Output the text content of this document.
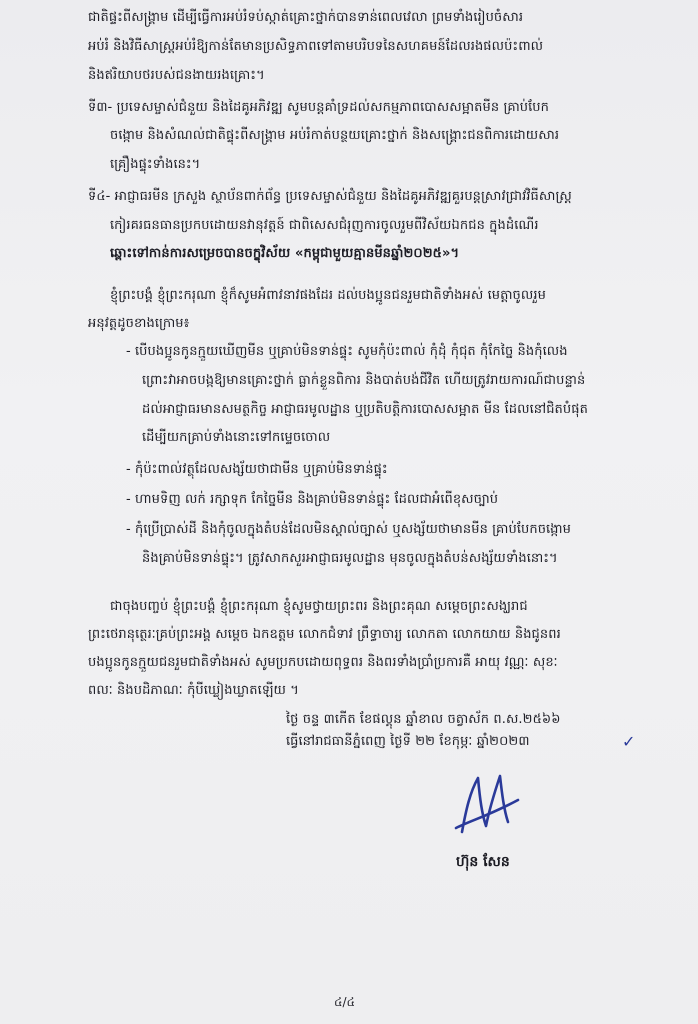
ជាតិផ្ទះពីសង្គ្រាម ដើម្បីធ្វើការអប់រំទប់ស្កាត់គ្រោះថ្នាក់បានទាន់ពេលវេលា ព្រមទាំងរៀបចំសារ
អប់រំ និងវិធីសាស្ត្រអប់រំឱ្យកាន់តែមានប្រសិទ្ធភាពទៅតាមបរិបទនៃសហគមន៍ដែលរងផលប៉ះពាល់
និងឥរិយាបថរបស់ជនងាយរងគ្រោះ។
ទី៣- ប្រទេសម្ចាស់ជំនួយ និងដៃគូអភិវឌ្ឍ សូមបន្តគាំទ្រដល់សកម្មភាពបោសសម្អាតមីន គ្រាប់បែក
ចង្កោម និងសំណល់ជាតិផ្ទុះពីសង្គ្រាម អប់រំកាត់បន្ថយគ្រោះថ្នាក់ និងសង្គ្រោះជនពិការដោយសារ
គ្រឿងផ្ទុះទាំងនេះ។
ទី៤- អាជ្ញាធរមីន ក្រសួង ស្ថាប័នពាក់ព័ន្ធ ប្រទេសម្ចាស់ជំនួយ និងដៃគូអភិវឌ្ឍគួរបន្តស្រាវជ្រាវវិធីសាស្ត្រ
កៀរគរធនធានប្រកបដោយនវានុវត្តន៍ ជាពិសេសជំរុញការចូលរួមពីវិស័យឯកជន ក្នុងដំណើរ
ឆ្ពោះទៅកាន់ការសម្រេចបានចក្ខុវិស័យ «កម្ពុជាមួយគ្មានមីនឆ្នាំ២០២៥»។
ខ្ញុំព្រះបង្គំ ខ្ញុំព្រះករុណា ខ្ញុំក៏សូមអំពាវនាវផងដែរ ដល់បងប្អូនជនរួមជាតិទាំងអស់ មេត្តាចូលរួម
អនុវត្តដូចខាងក្រោម៖
- បើបងប្អូនកូនក្មួយឃើញមីន ឬគ្រាប់មិនទាន់ផ្ទុះ សូមកុំប៉ះពាល់ កុំដុំ កុំជុត កុំកែច្នៃ និងកុំលេង
ព្រោះវាអាចបង្កឱ្យមានគ្រោះថ្នាក់ ធ្លាក់ខ្លួនពិការ និងបាត់បង់ជីវិត ហើយត្រូវរាយការណ៍ជាបន្ទាន់
ដល់អាជ្ញាធរមានសមត្ថកិច្ច អាជ្ញាធរមូលដ្ឋាន ឬប្រតិបត្តិការបោសសម្អាត មីន ដែលនៅជិតបំផុត
ដើម្បីយកគ្រាប់ទាំងនោះទៅកម្ទេចចោល
- កុំប៉ះពាល់វត្ថុដែលសង្ស័យថាជាមីន ឬគ្រាប់មិនទាន់ផ្ទុះ
- ហាមទិញ លក់ រក្សាទុក កែច្នៃមីន និងគ្រាប់មិនទាន់ផ្ទុះ ដែលជាអំពើខុសច្បាប់
- កុំប្រើប្រាស់ដី និងកុំចូលក្នុងតំបន់ដែលមិនស្គាល់ច្បាស់ ឬសង្ស័យថាមានមីន គ្រាប់បែកចង្កោម
និងគ្រាប់មិនទាន់ផ្ទុះ។ ត្រូវសាកសួរអាជ្ញាធរមូលដ្ឋាន មុនចូលក្នុងតំបន់សង្ស័យទាំងនោះ។
ជាចុងបញ្ចប់ ខ្ញុំព្រះបង្គំ ខ្ញុំព្រះករុណា ខ្ញុំសូមថ្វាយព្រះពរ និងព្រះគុណ សម្តេចព្រះសង្ឃរាជ
ព្រះថេរានុត្ថេរៈគ្រប់ព្រះអង្គ សម្តេច ឯកឧត្តម លោកជំទាវ ព្រឹទ្ធាចារ្យ លោកតា លោកយាយ និងជូនពរ
បងប្អូនកូនក្មួយជនរួមជាតិទាំងអស់ សូមប្រកបដោយពុទ្ធពរ និងពរទាំងប្រាំប្រការគឺ អាយុ វណ្ណៈ សុខៈ
ពលៈ និងបដិភាណៈ កុំបីឃ្លៀងឃ្លាតឡើយ ។
ថ្ងៃ ចន្ទ ៣កើត ខែផល្គុន ឆ្នាំខាល ចត្វាស័ក ព.ស.២៥៦៦
ធ្វើនៅរាជធានីភ្នំពេញ ថ្ងៃទី ២២ ខែកុម្ភៈ ឆ្នាំ២០២៣	✓
ហ៊ុន សែន
៤/៤
